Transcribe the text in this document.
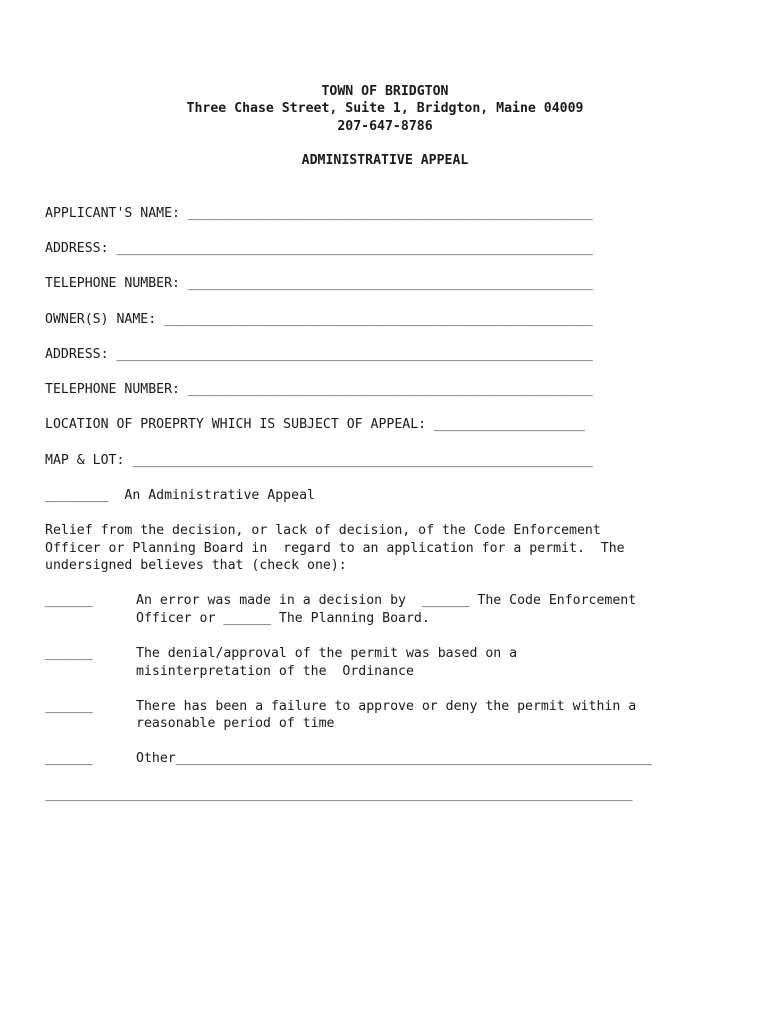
TOWN OF BRIDGTON
Three Chase Street, Suite 1, Bridgton, Maine 04009
207-647-8786
ADMINISTRATIVE APPEAL
APPLICANT'S NAME: ___________________________________________________
ADDRESS: ____________________________________________________________
TELEPHONE NUMBER: ___________________________________________________
OWNER(S) NAME: ______________________________________________________
ADDRESS: ____________________________________________________________
TELEPHONE NUMBER: ___________________________________________________
LOCATION OF PROEPRTY WHICH IS SUBJECT OF APPEAL: ___________________
MAP & LOT: __________________________________________________________
________  An Administrative Appeal
Relief from the decision, or lack of decision, of the Code Enforcement
Officer or Planning Board in  regard to an application for a permit.  The
undersigned believes that (check one):
______	An error was made in a decision by  ______ The Code Enforcement
Officer or ______ The Planning Board.
______	The denial/approval of the permit was based on a
misinterpretation of the  Ordinance
______	There has been a failure to approve or deny the permit within a
reasonable period of time
______	Other____________________________________________________________
__________________________________________________________________________
